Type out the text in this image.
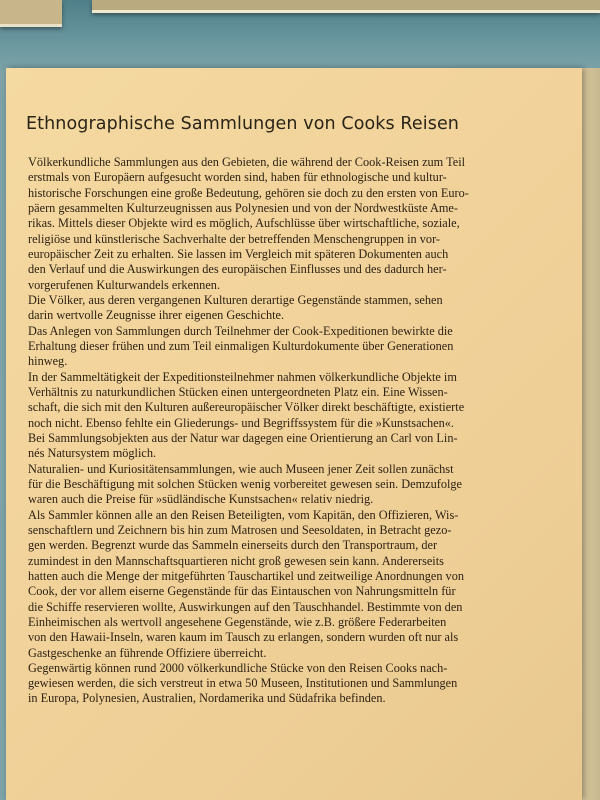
Ethnographische Sammlungen von Cooks Reisen
Völkerkundliche Sammlungen aus den Gebieten, die während der Cook-Reisen zum Teil
erstmals von Europäern aufgesucht worden sind, haben für ethnologische und kultur-
historische Forschungen eine große Bedeutung, gehören sie doch zu den ersten von Euro-
päern gesammelten Kulturzeugnissen aus Polynesien und von der Nordwestküste Ame-
rikas. Mittels dieser Objekte wird es möglich, Aufschlüsse über wirtschaftliche, soziale,
religiöse und künstlerische Sachverhalte der betreffenden Menschengruppen in vor-
europäischer Zeit zu erhalten. Sie lassen im Vergleich mit späteren Dokumenten auch
den Verlauf und die Auswirkungen des europäischen Einflusses und des dadurch her-
vorgerufenen Kulturwandels erkennen.
Die Völker, aus deren vergangenen Kulturen derartige Gegenstände stammen, sehen
darin wertvolle Zeugnisse ihrer eigenen Geschichte.
Das Anlegen von Sammlungen durch Teilnehmer der Cook-Expeditionen bewirkte die
Erhaltung dieser frühen und zum Teil einmaligen Kulturdokumente über Generationen
hinweg.
In der Sammeltätigkeit der Expeditionsteilnehmer nahmen völkerkundliche Objekte im
Verhältnis zu naturkundlichen Stücken einen untergeordneten Platz ein. Eine Wissen-
schaft, die sich mit den Kulturen außereuropäischer Völker direkt beschäftigte, existierte
noch nicht. Ebenso fehlte ein Gliederungs- und Begriffssystem für die »Kunstsachen«.
Bei Sammlungsobjekten aus der Natur war dagegen eine Orientierung an Carl von Lin-
nés Natursystem möglich.
Naturalien- und Kuriositätensammlungen, wie auch Museen jener Zeit sollen zunächst
für die Beschäftigung mit solchen Stücken wenig vorbereitet gewesen sein. Demzufolge
waren auch die Preise für »südländische Kunstsachen« relativ niedrig.
Als Sammler können alle an den Reisen Beteiligten, vom Kapitän, den Offizieren, Wis-
senschaftlern und Zeichnern bis hin zum Matrosen und Seesoldaten, in Betracht gezo-
gen werden. Begrenzt wurde das Sammeln einerseits durch den Transportraum, der
zumindest in den Mannschaftsquartieren nicht groß gewesen sein kann. Andererseits
hatten auch die Menge der mitgeführten Tauschartikel und zeitweilige Anordnungen von
Cook, der vor allem eiserne Gegenstände für das Eintauschen von Nahrungsmitteln für
die Schiffe reservieren wollte, Auswirkungen auf den Tauschhandel. Bestimmte von den
Einheimischen als wertvoll angesehene Gegenstände, wie z.B. größere Federarbeiten
von den Hawaii-Inseln, waren kaum im Tausch zu erlangen, sondern wurden oft nur als
Gastgeschenke an führende Offiziere überreicht.
Gegenwärtig können rund 2000 völkerkundliche Stücke von den Reisen Cooks nach-
gewiesen werden, die sich verstreut in etwa 50 Museen, Institutionen und Sammlungen
in Europa, Polynesien, Australien, Nordamerika und Südafrika befinden.
